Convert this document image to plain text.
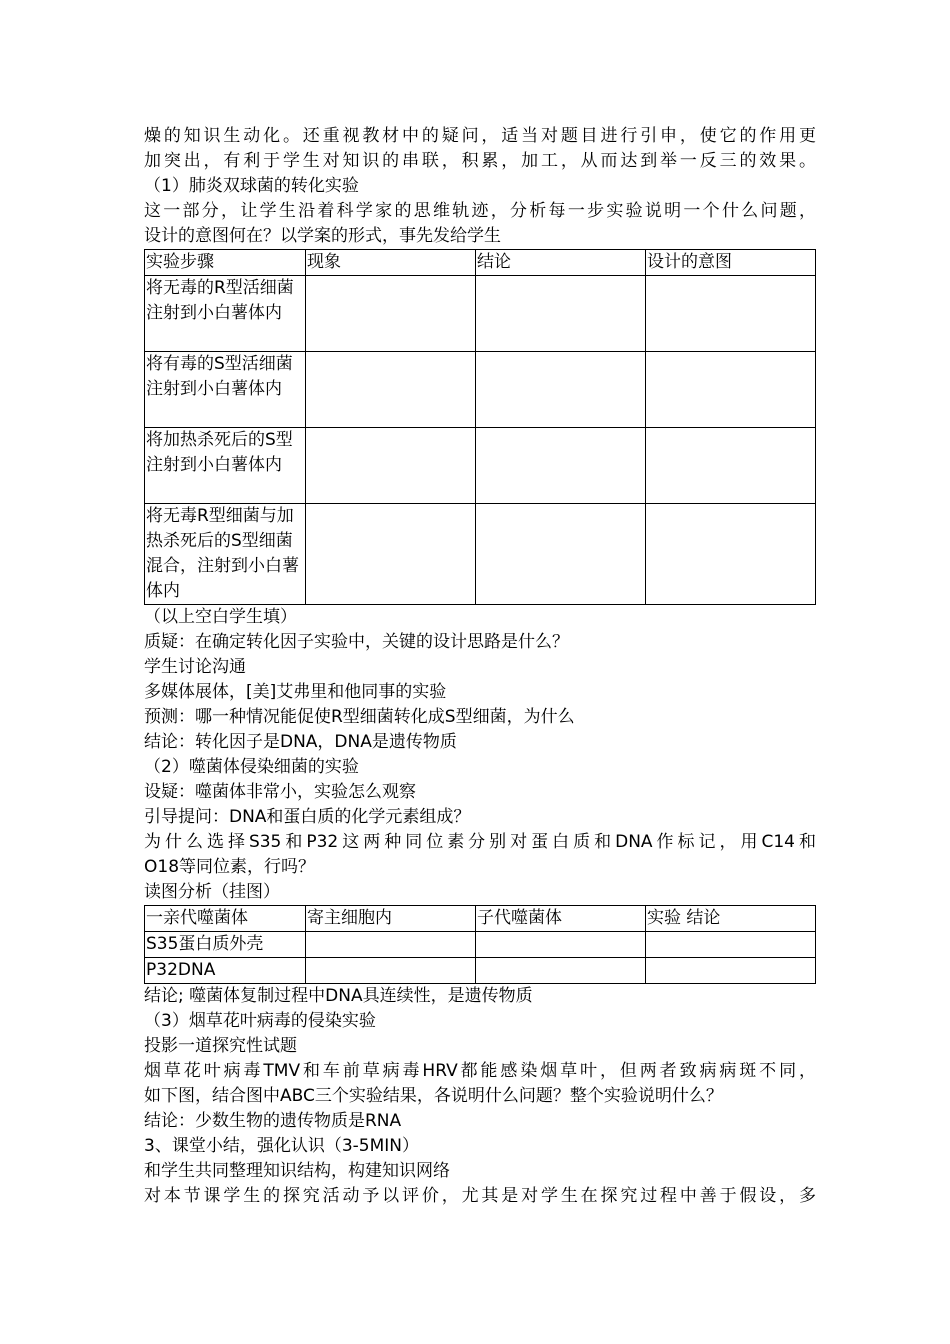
燥的知识生动化。还重视教材中的疑问，适当对题目进行引申，使它的作用更
加突出，有利于学生对知识的串联，积累，加工，从而达到举一反三的效果。
（1）肺炎双球菌的转化实验
这一部分，让学生沿着科学家的思维轨迹，分析每一步实验说明一个什么问题，
设计的意图何在？以学案的形式，事先发给学生
实验步骤	现象	结论	设计的意图

将无毒的R型活细菌注射到小白薯体内			

将有毒的S型活细菌注射到小白薯体内			

将加热杀死后的S型注射到小白薯体内			

将无毒R型细菌与加热杀死后的S型细菌混合，注射到小白薯体内			

（以上空白学生填）
质疑：在确定转化因子实验中，关键的设计思路是什么？
学生讨论沟通
多媒体展体，[美]艾弗里和他同事的实验
预测：哪一种情况能促使R型细菌转化成S型细菌，为什么
结论：转化因子是DNA，DNA是遗传物质
（2）噬菌体侵染细菌的实验
设疑：噬菌体非常小，实验怎么观察
引导提问：DNA和蛋白质的化学元素组成？
为什么选择S35和P32这两种同位素分别对蛋白质和DNA作标记，用C14和
O18等同位素，行吗？
读图分析（挂图）
一亲代噬菌体	寄主细胞内	子代噬菌体	实验 结论
S35蛋白质外壳			
P32DNA			
结论; 噬菌体复制过程中DNA具连续性，是遗传物质
（3）烟草花叶病毒的侵染实验
投影一道探究性试题
烟草花叶病毒TMV和车前草病毒HRV都能感染烟草叶，但两者致病病斑不同，
如下图，结合图中ABC三个实验结果，各说明什么问题？整个实验说明什么？
结论：少数生物的遗传物质是RNA
3、课堂小结，强化认识（3-5MIN）
和学生共同整理知识结构，构建知识网络
对本节课学生的探究活动予以评价，尤其是对学生在探究过程中善于假设，多
